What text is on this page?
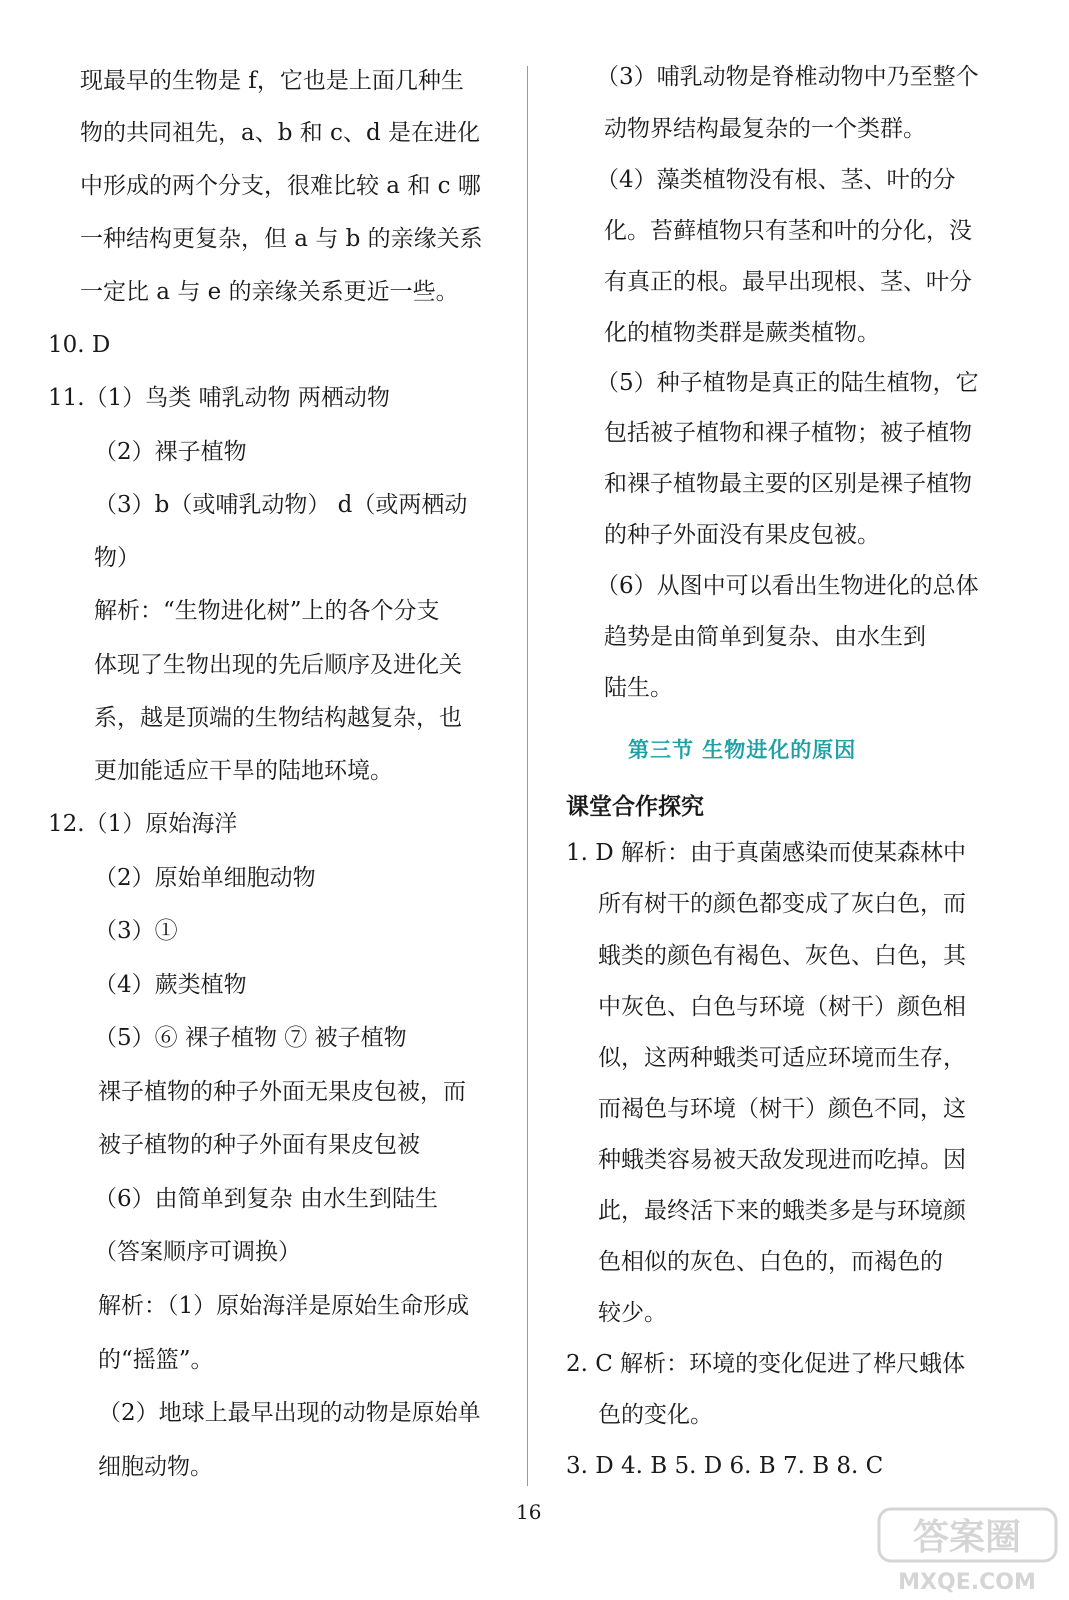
现最早的生物是 f，它也是上面几种生
物的共同祖先，a、b 和 c、d 是在进化
中形成的两个分支，很难比较 a 和 c 哪
一种结构更复杂，但 a 与 b 的亲缘关系
一定比 a 与 e 的亲缘关系更近一些。
10. D
11.（1）鸟类 哺乳动物 两栖动物
（2）裸子植物
（3）b（或哺乳动物） d（或两栖动
物）
解析：“生物进化树”上的各个分支
体现了生物出现的先后顺序及进化关
系，越是顶端的生物结构越复杂，也
更加能适应干旱的陆地环境。
12.（1）原始海洋
（2）原始单细胞动物
（3）①
（4）蕨类植物
（5）⑥ 裸子植物 ⑦ 被子植物
裸子植物的种子外面无果皮包被，而
被子植物的种子外面有果皮包被
（6）由简单到复杂 由水生到陆生
（答案顺序可调换）
解析：（1）原始海洋是原始生命形成
的“摇篮”。
（2）地球上最早出现的动物是原始单
细胞动物。
（3）哺乳动物是脊椎动物中乃至整个
动物界结构最复杂的一个类群。
（4）藻类植物没有根、茎、叶的分
化。苔藓植物只有茎和叶的分化，没
有真正的根。最早出现根、茎、叶分
化的植物类群是蕨类植物。
（5）种子植物是真正的陆生植物，它
包括被子植物和裸子植物；被子植物
和裸子植物最主要的区别是裸子植物
的种子外面没有果皮包被。
（6）从图中可以看出生物进化的总体
趋势是由简单到复杂、由水生到
陆生。
第三节 生物进化的原因
课堂合作探究
1. D 解析：由于真菌感染而使某森林中
所有树干的颜色都变成了灰白色，而
蛾类的颜色有褐色、灰色、白色，其
中灰色、白色与环境（树干）颜色相
似，这两种蛾类可适应环境而生存，
而褐色与环境（树干）颜色不同，这
种蛾类容易被天敌发现进而吃掉。因
此，最终活下来的蛾类多是与环境颜
色相似的灰色、白色的，而褐色的
较少。
2. C 解析：环境的变化促进了桦尺蛾体
色的变化。
3. D 4. B 5. D 6. B 7. B 8. C
16
答案圈
MXQE.COM
